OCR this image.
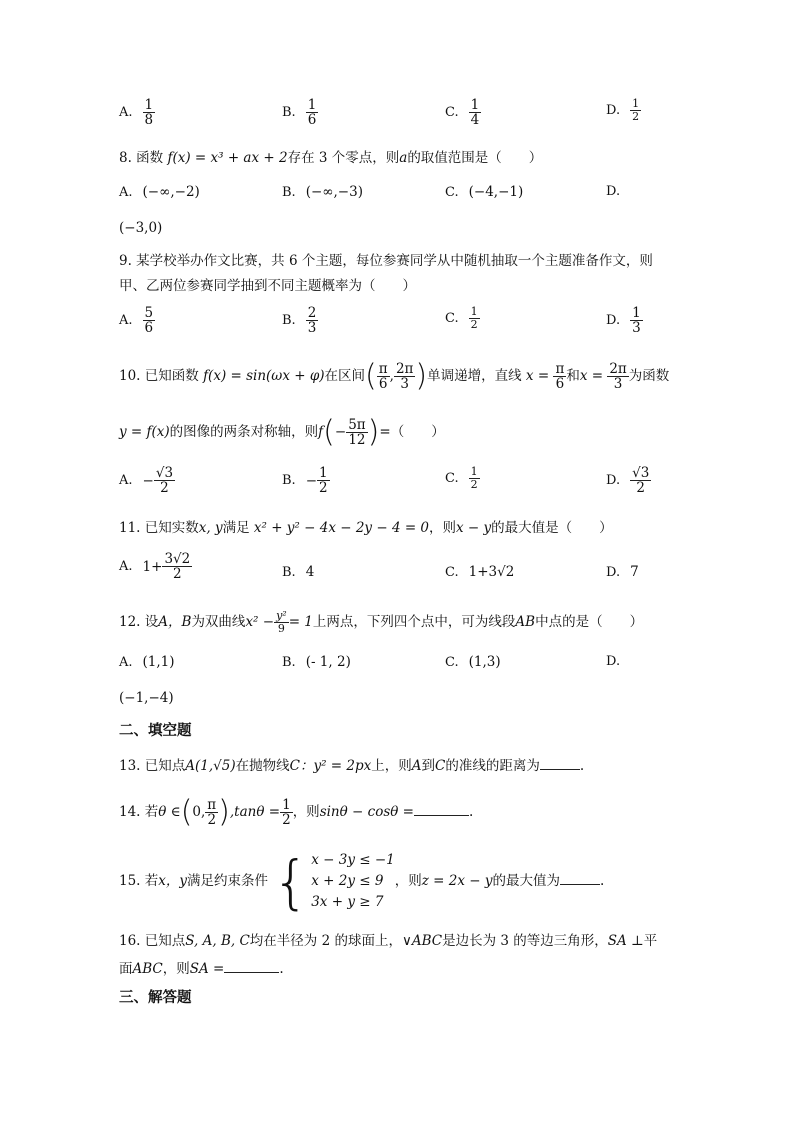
A. $\frac{1}{8}$	B. $\frac{1}{6}$	C. $\frac{1}{4}$	D. $\frac{1}{2}$
8. 函数 f(x) = x³ + ax + 2存在 3 个零点，则a的取值范围是（　　）
A. (−∞,−2)	B. (−∞,−3)	C. (−4,−1)	D.
(−3,0)
9. 某学校举办作文比赛，共 6 个主题，每位参赛同学从中随机抽取一个主题准备作文，则
甲、乙两位参赛同学抽到不同主题概率为（　　）
A. $\frac{5}{6}$	B. $\frac{2}{3}$	C. $\frac{1}{2}$	D. $\frac{1}{3}$
10. 已知函数 f(x) = sin(ωx + φ)在区间( $\frac{\pi}{6}$ , $\frac{2\pi}{3}$ )单调递增，直线 $x = \frac{\pi}{6}$ 和$x = \frac{2\pi}{3}$ 为函数
y = f(x)的图像的两条对称轴，则$f(- \frac{5\pi}{12}$ )=（　　）
A. − $\frac{√3}{2}$	B. − $\frac{1}{2}$	C. $\frac{1}{2}$	D. $\frac{√3}{2}$
11. 已知实数x, y满足 x² + y² − 4x − 2y − 4 = 0，则x − y的最大值是（　　）
A. $1+ \frac{3√2}{2}$	B. 4	C. 1+3√2	D. 7
12. 设A，B为双曲线$x^2 - \frac{\text{y²}}{9} = 1$上两点，下列四个点中，可为线段AB中点的是（　　）
A. (1,1)	B. (- 1, 2)	C. (1,3)	D.
(−1,−4)
二、填空题
13. 已知点A(1,√5)在抛物线C：y² = 2px上，则A到C的准线的距离为	.
14. 若θ ∈(0, $\frac{\pi}{2} ),\tan\theta = \frac{1}{2}$ ，则sinθ − cosθ =	.
15. 若x，y满足约束条件 { x − 3y ≤ −1
x + 2y ≤ 9
3x + y ≥ 7
，则z = 2x − y的最大值为	.
16. 已知点S, A, B, C均在半径为 2 的球面上，∨ABC是边长为 3 的等边三角形，SA ⊥平
面ABC，则SA =	.
三、解答题
